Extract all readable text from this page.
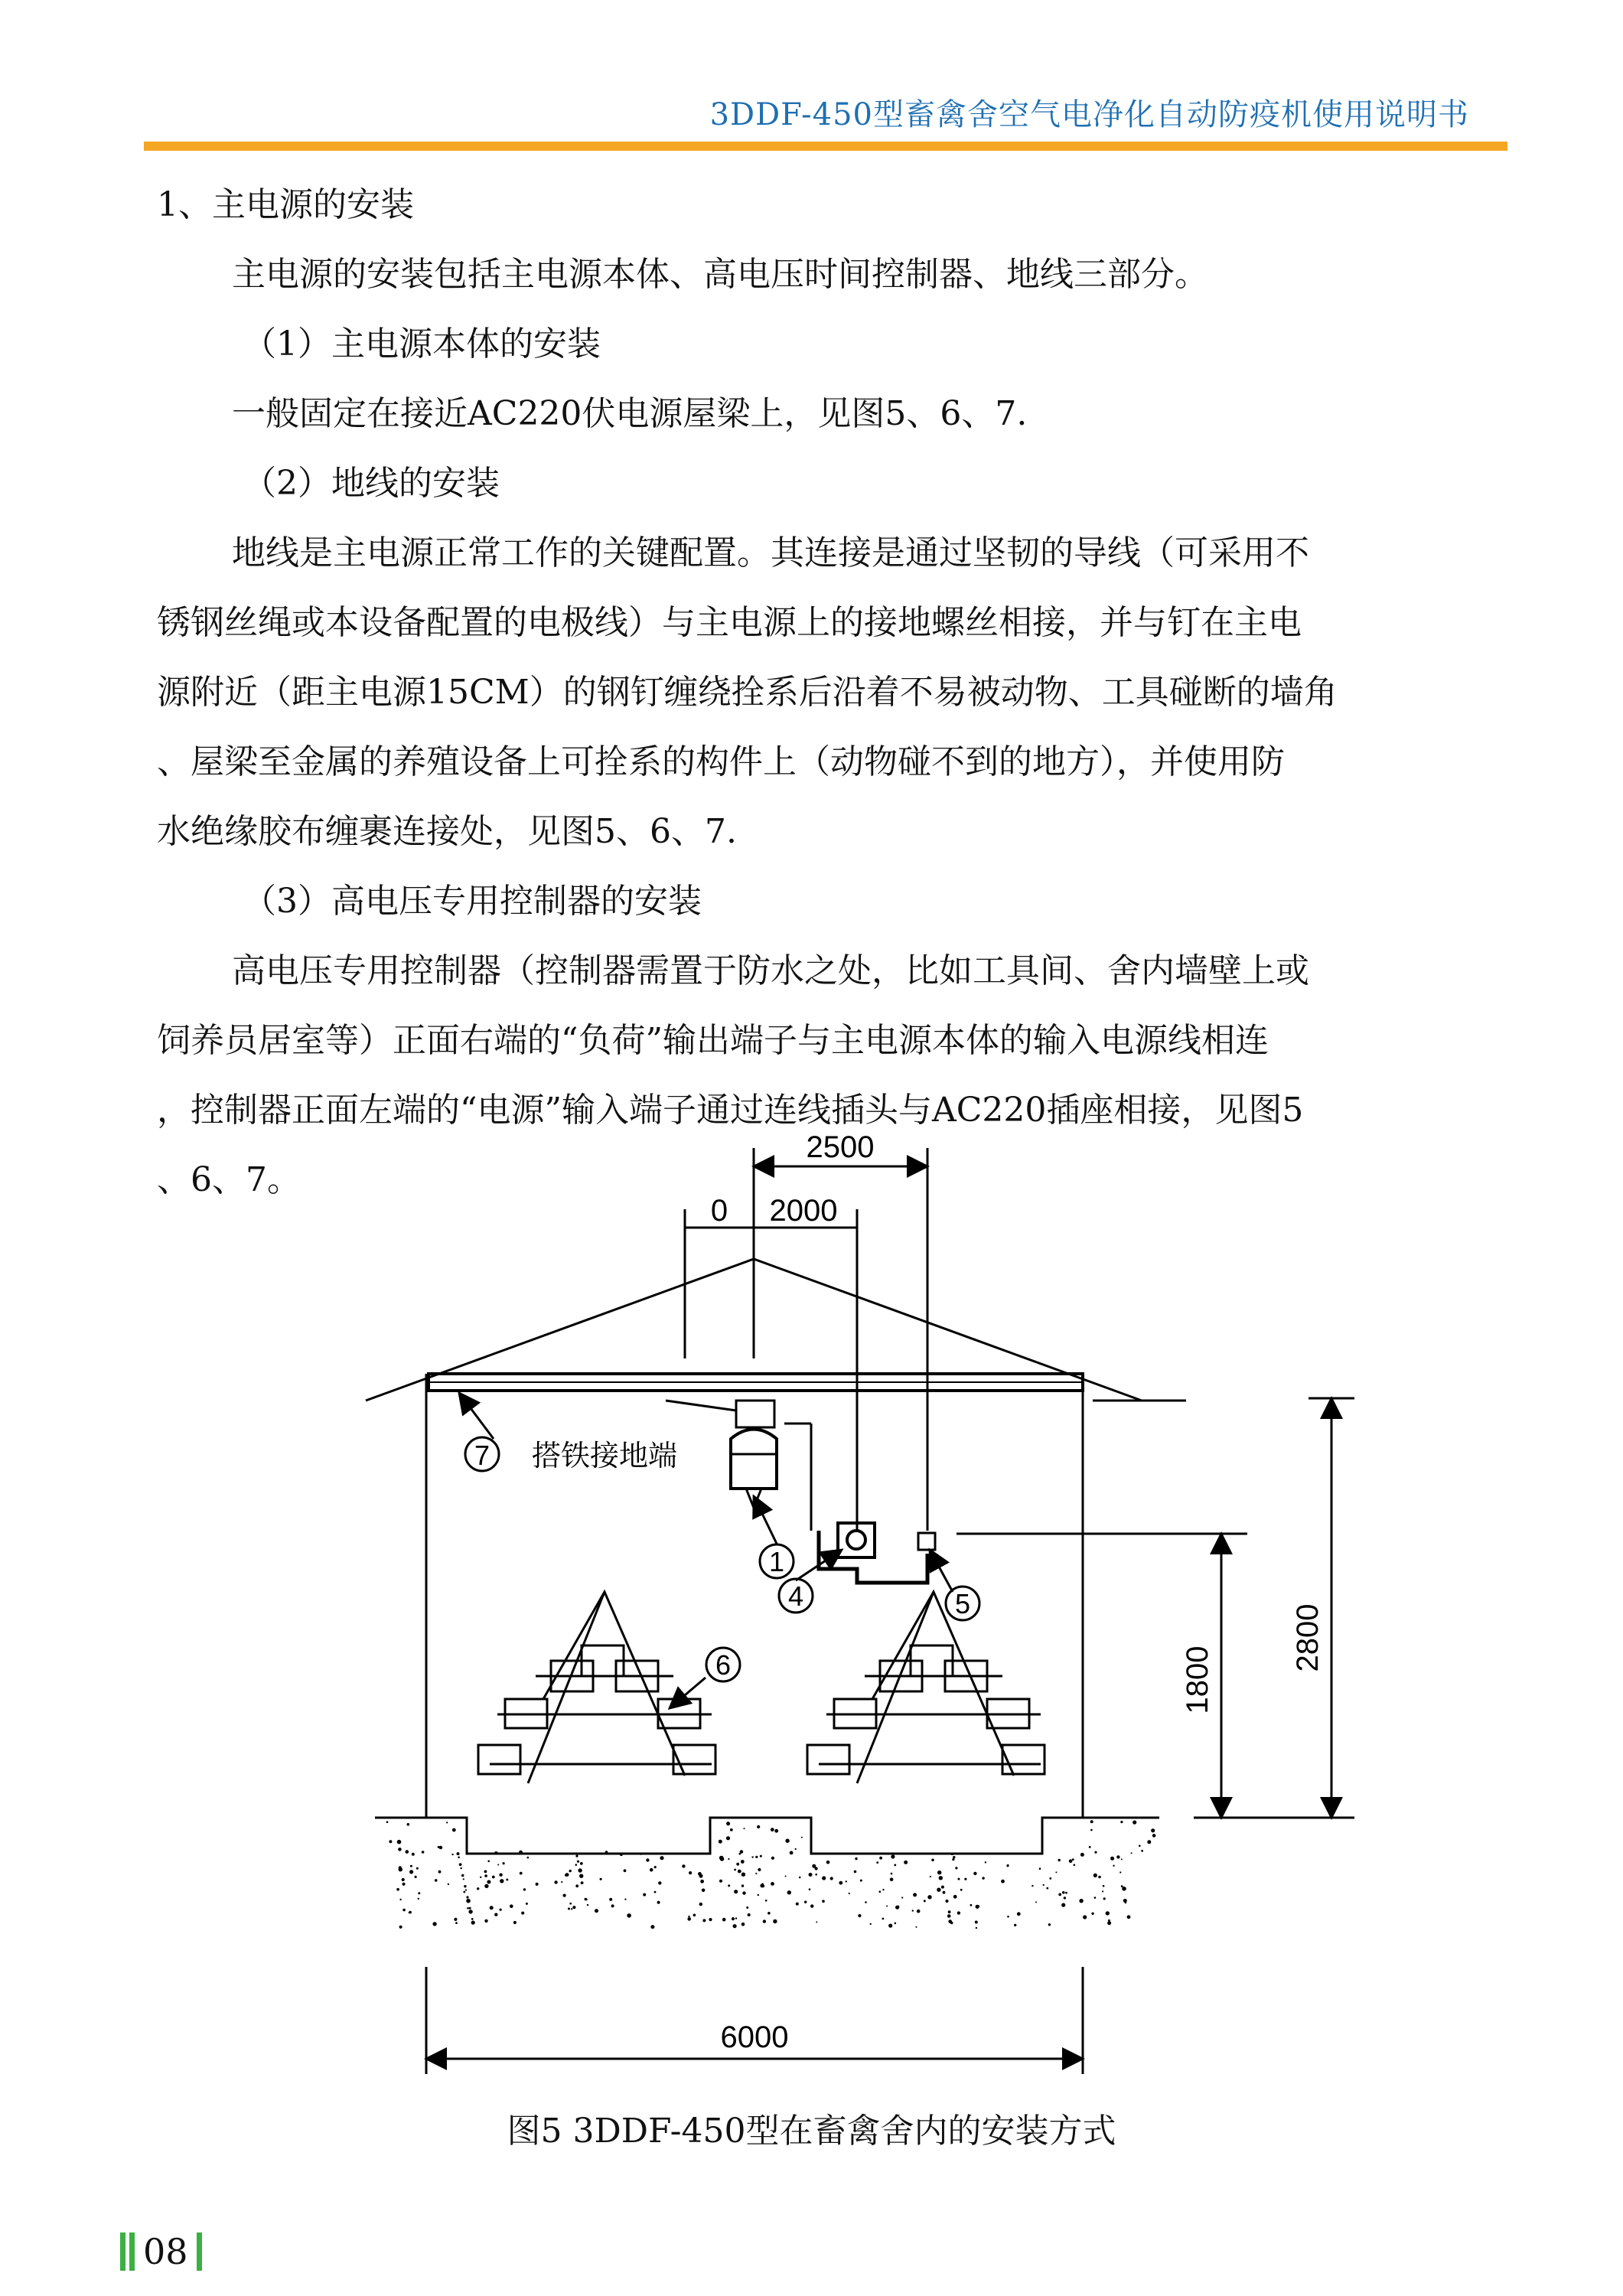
3DDF-450型畜禽舍空气电净化自动防疫机使用说明书

1、主电源的安装

主电源的安装包括主电源本体、高电压时间控制器、地线三部分。

（1）主电源本体的安装

一般固定在接近AC220伏电源屋梁上，见图5、6、7.

（2）地线的安装

地线是主电源正常工作的关键配置。其连接是通过坚韧的导线（可采用不

锈钢丝绳或本设备配置的电极线）与主电源上的接地螺丝相接，并与钉在主电

源附近（距主电源15CM）的钢钉缠绕拴系后沿着不易被动物、工具碰断的墙角

、屋梁至金属的养殖设备上可拴系的构件上（动物碰不到的地方），并使用防

水绝缘胶布缠裹连接处，见图5、6、7.

（3）高电压专用控制器的安装

高电压专用控制器（控制器需置于防水之处，比如工具间、舍内墙壁上或

饲养员居室等）正面右端的“负荷”输出端子与主电源本体的输入电源线相连

，控制器正面左端的“电源”输入端子通过连线插头与AC220插座相接，见图5

、6、7。

2500
0 2000
6000
1800
2800
搭铁接地端
7
1
4	5
6
图5 3DDF-450型在畜禽舍内的安装方式
08
